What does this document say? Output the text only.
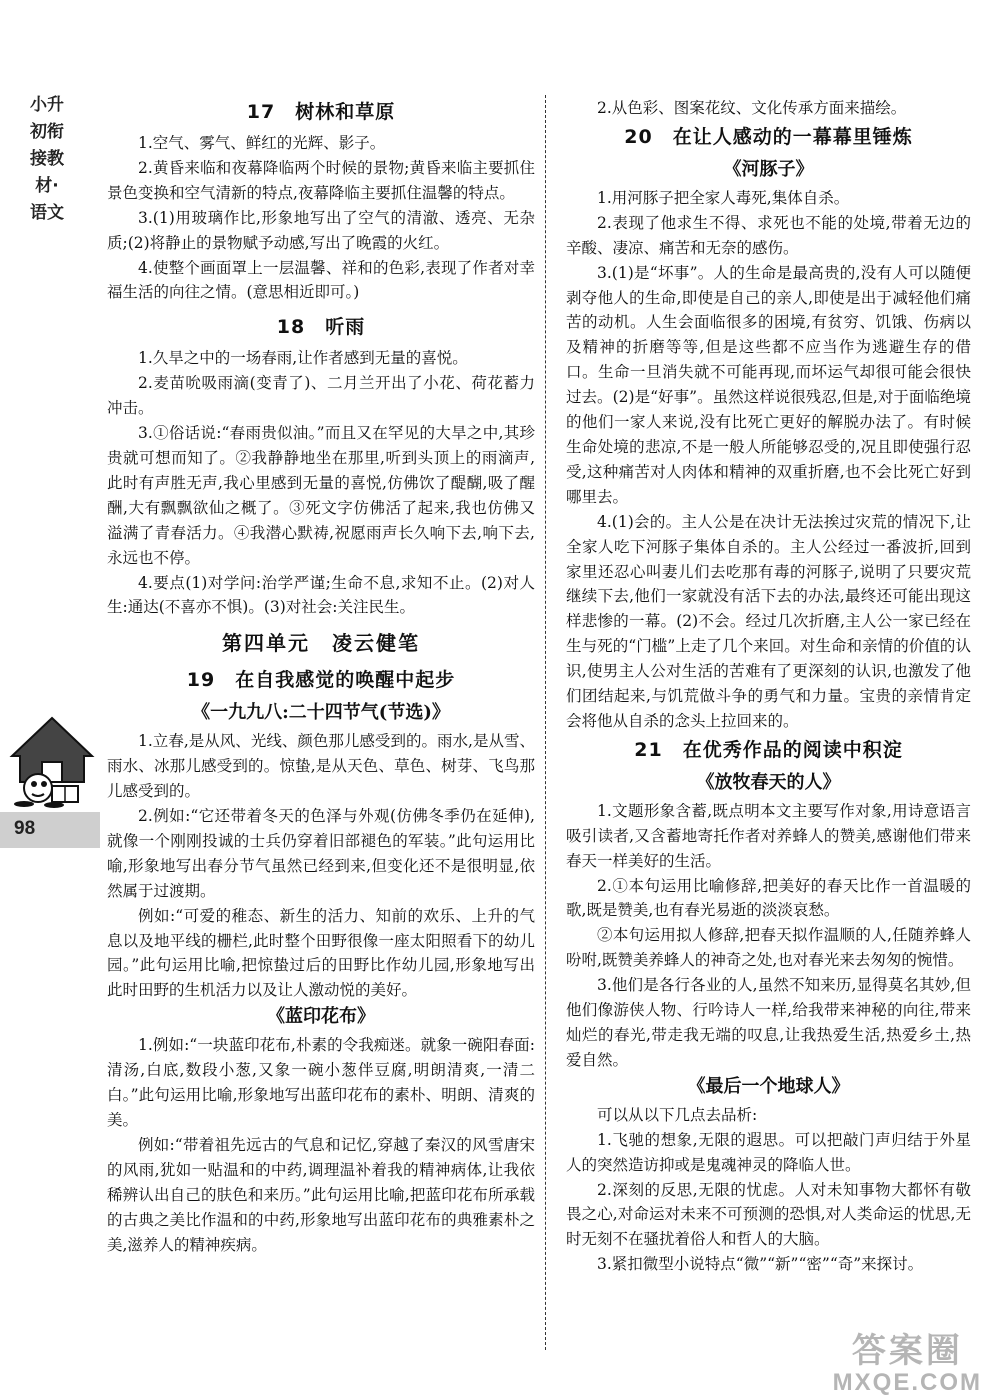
小升初衔接教材·语文
98
17　树林和草原

1.空气、雾气、鲜红的光辉、影子。

2.黄昏来临和夜幕降临两个时候的景物;黄昏来临主要抓住景色变换和空气清新的特点,夜幕降临主要抓住温馨的特点。

3.(1)用玻璃作比,形象地写出了空气的清澈、透亮、无杂质;(2)将静止的景物赋予动感,写出了晚霞的火红。

4.使整个画面罩上一层温馨、祥和的色彩,表现了作者对幸福生活的向往之情。(意思相近即可。)

18　听雨

1.久旱之中的一场春雨,让作者感到无量的喜悦。

2.麦苗吮吸雨滴(变青了)、二月兰开出了小花、荷花蓄力冲击。

3.①俗话说:“春雨贵似油。”而且又在罕见的大旱之中,其珍贵就可想而知了。②我静静地坐在那里,听到头顶上的雨滴声,此时有声胜无声,我心里感到无量的喜悦,仿佛饮了醍醐,吸了醒酬,大有飘飘欲仙之概了。③死文字仿佛活了起来,我也仿佛又溢满了青春活力。④我潜心默祷,祝愿雨声长久响下去,响下去,永远也不停。

4.要点(1)对学问:治学严谨;生命不息,求知不止。(2)对人生:通达(不喜亦不惧)。(3)对社会:关注民生。

第四单元　凌云健笔
19　在自我感觉的唤醒中起步
《一九九八:二十四节气(节选)》

1.立春,是从风、光线、颜色那儿感受到的。雨水,是从雪、雨水、冰那儿感受到的。惊蛰,是从天色、草色、树芽、飞鸟那儿感受到的。

2.例如:“它还带着冬天的色泽与外观(仿佛冬季仍在延伸),就像一个刚刚投诚的士兵仍穿着旧部褪色的军装。”此句运用比喻,形象地写出春分节气虽然已经到来,但变化还不是很明显,依然属于过渡期。

例如:“可爱的稚态、新生的活力、知前的欢乐、上升的气息以及地平线的栅栏,此时整个田野很像一座太阳照看下的幼儿园。”此句运用比喻,把惊蛰过后的田野比作幼儿园,形象地写出此时田野的生机活力以及让人激动悦的美好。

《蓝印花布》

1.例如:“一块蓝印花布,朴素的令我痴迷。就象一碗阳春面:清汤,白底,数段小葱,又象一碗小葱伴豆腐,明朗清爽,一清二白。”此句运用比喻,形象地写出蓝印花布的素朴、明朗、清爽的美。

例如:“带着祖先远古的气息和记忆,穿越了秦汉的风雪唐宋的风雨,犹如一贴温和的中药,调理温补着我的精神病体,让我依稀辨认出自己的肤色和来历。”此句运用比喻,把蓝印花布所承载的古典之美比作温和的中药,形象地写出蓝印花布的典雅素朴之美,滋养人的精神疾病。

2.从色彩、图案花纹、文化传承方面来描绘。

20　在让人感动的一幕幕里锤炼
《河豚子》

1.用河豚子把全家人毒死,集体自杀。

2.表现了他求生不得、求死也不能的处境,带着无边的辛酸、凄凉、痛苦和无奈的感伤。

3.(1)是“坏事”。人的生命是最高贵的,没有人可以随便剥夺他人的生命,即使是自己的亲人,即使是出于减轻他们痛苦的动机。人生会面临很多的困境,有贫穷、饥饿、伤病以及精神的折磨等等,但是这些都不应当作为逃避生存的借口。生命一旦消失就不可能再现,而坏运气却很可能会很快过去。(2)是“好事”。虽然这样说很残忍,但是,对于面临绝境的他们一家人来说,没有比死亡更好的解脱办法了。有时候生命处境的悲凉,不是一般人所能够忍受的,况且即使强行忍受,这种痛苦对人肉体和精神的双重折磨,也不会比死亡好到哪里去。

4.(1)会的。主人公是在决计无法挨过灾荒的情况下,让全家人吃下河豚子集体自杀的。主人公经过一番波折,回到家里还忍心叫妻儿们去吃那有毒的河豚子,说明了只要灾荒继续下去,他们一家就没有活下去的办法,最终还可能出现这样悲惨的一幕。(2)不会。经过几次折磨,主人公一家已经在生与死的“门槛”上走了几个来回。对生命和亲情的价值的认识,使男主人公对生活的苦难有了更深刻的认识,也激发了他们团结起来,与饥荒做斗争的勇气和力量。宝贵的亲情肯定会将他从自杀的念头上拉回来的。

21　在优秀作品的阅读中积淀
《放牧春天的人》

1.文题形象含蓄,既点明本文主要写作对象,用诗意语言吸引读者,又含蓄地寄托作者对养蜂人的赞美,感谢他们带来春天一样美好的生活。

2.①本句运用比喻修辞,把美好的春天比作一首温暖的歌,既是赞美,也有春光易逝的淡淡哀愁。

②本句运用拟人修辞,把春天拟作温顺的人,任随养蜂人吩咐,既赞美养蜂人的神奇之处,也对春光来去匆匆的惋惜。

3.他们是各行各业的人,虽然不知来历,显得莫名其妙,但他们像游侠人物、行吟诗人一样,给我带来神秘的向往,带来灿烂的春光,带走我无端的叹息,让我热爱生活,热爱乡土,热爱自然。

《最后一个地球人》

可以从以下几点去品析:

1.飞驰的想象,无限的遐思。可以把敲门声归结于外星人的突然造访抑或是鬼魂神灵的降临人世。

2.深刻的反思,无限的忧虑。人对未知事物大都怀有敬畏之心,对命运对未来不可预测的恐惧,对人类命运的忧思,无时无刻不在骚扰着俗人和哲人的大脑。

3.紧扣微型小说特点“微”“新”“密”“奇”来探讨。

答案圈
MXQE.COM
